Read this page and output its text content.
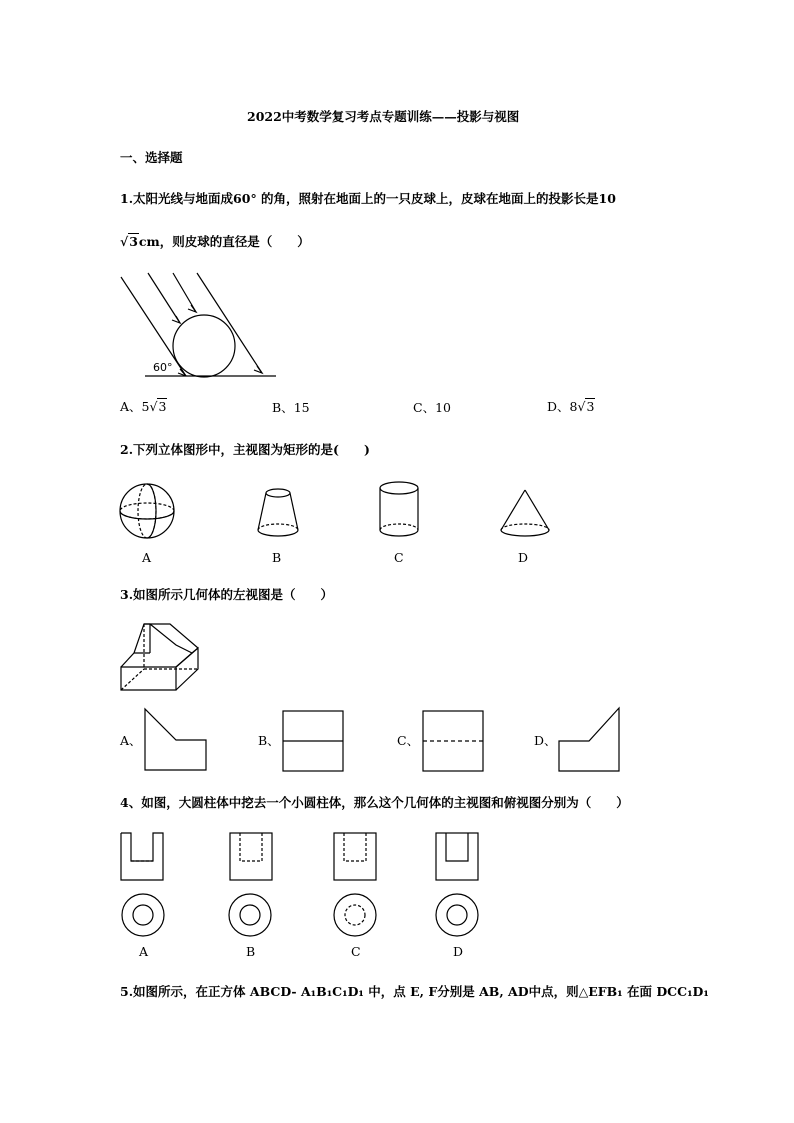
2022中考数学复习考点专题训练——投影与视图
一、选择题
1.太阳光线与地面成60° 的角，照射在地面上的一只皮球上，皮球在地面上的投影长是10
√3cm，则皮球的直径是（　　）
60°
A、5√3	B、15	C、10	D、8√3
2.下列立体图形中，主视图为矩形的是(　　)
A	B	C	D
3.如图所示几何体的左视图是（　　）
A、	B、	C、	D、
4、如图，大圆柱体中挖去一个小圆柱体，那么这个几何体的主视图和俯视图分别为（　　）
A	B	C	D
5.如图所示，在正方体 ABCD- A₁B₁C₁D₁ 中，点 E, F分别是 AB, AD中点，则△EFB₁ 在面 DCC₁D₁
